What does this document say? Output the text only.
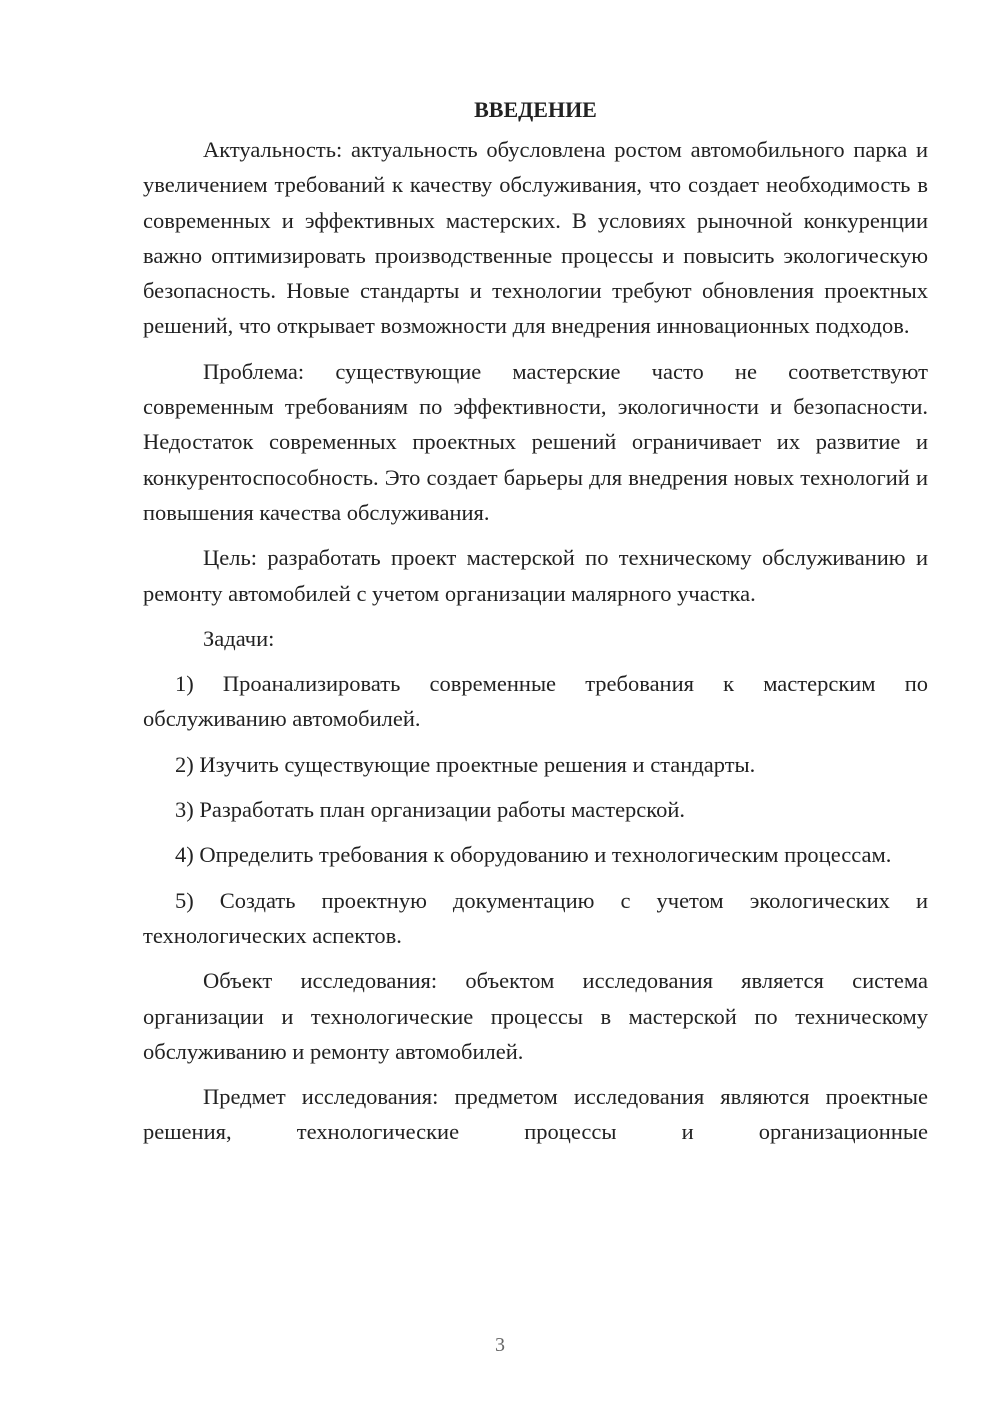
ВВЕДЕНИЕ

Актуальность: актуальность обусловлена ростом автомобильного парка и увеличением требований к качеству обслуживания, что создает необходимость в современных и эффективных мастерских. В условиях рыночной конкуренции важно оптимизировать производственные процессы и повысить экологическую безопасность. Новые стандарты и технологии требуют обновления проектных решений, что открывает возможности для внедрения инновационных подходов.

Проблема: существующие мастерские часто не соответствуют современным требованиям по эффективности, экологичности и безопасности. Недостаток современных проектных решений ограничивает их развитие и конкурентоспособность. Это создает барьеры для внедрения новых технологий и повышения качества обслуживания.

Цель: разработать проект мастерской по техническому обслуживанию и ремонту автомобилей с учетом организации малярного участка.

Задачи:

1) Проанализировать современные требования к мастерским по обслуживанию автомобилей.

2) Изучить существующие проектные решения и стандарты.

3) Разработать план организации работы мастерской.

4) Определить требования к оборудованию и технологическим процессам.

5) Создать проектную документацию с учетом экологических и технологических аспектов.

Объект исследования: объектом исследования является система организации и технологические процессы в мастерской по техническому обслуживанию и ремонту автомобилей.

Предмет исследования: предметом исследования являются проектные решения, технологические процессы и организационные

3
